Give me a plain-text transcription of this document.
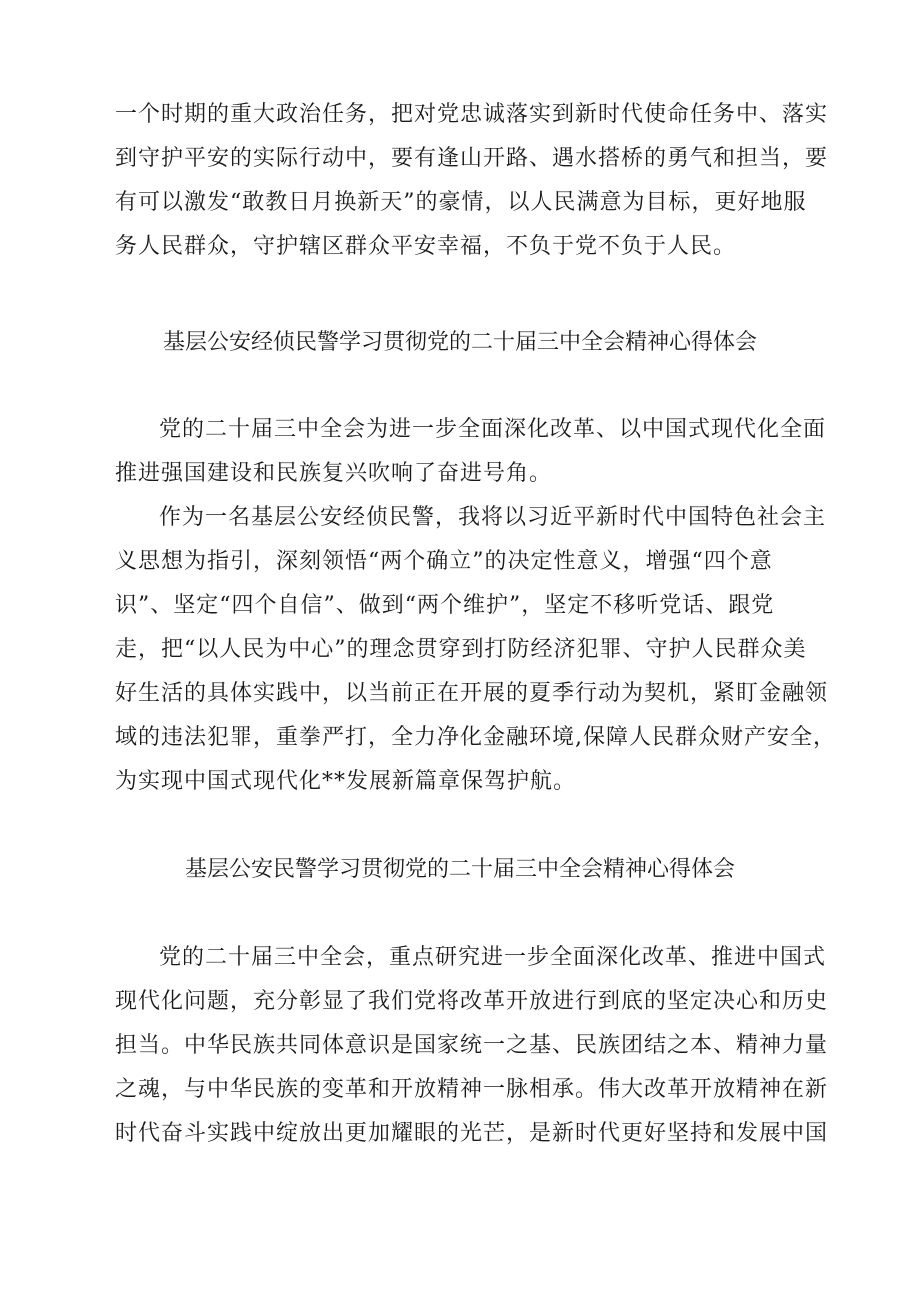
一个时期的重大政治任务，把对党忠诚落实到新时代使命任务中、落实
到守护平安的实际行动中，要有逢山开路、遇水搭桥的勇气和担当，要
有可以激发“敢教日月换新天”的豪情，以人民满意为目标，更好地服
务人民群众，守护辖区群众平安幸福，不负于党不负于人民。
基层公安经侦民警学习贯彻党的二十届三中全会精神心得体会
党的二十届三中全会为进一步全面深化改革、以中国式现代化全面
推进强国建设和民族复兴吹响了奋进号角。
作为一名基层公安经侦民警，我将以习近平新时代中国特色社会主
义思想为指引，深刻领悟“两个确立”的决定性意义，增强“四个意
识”、坚定“四个自信”、做到“两个维护”，坚定不移听党话、跟党
走，把“以人民为中心”的理念贯穿到打防经济犯罪、守护人民群众美
好生活的具体实践中，以当前正在开展的夏季行动为契机，紧盯金融领
域的违法犯罪，重拳严打，全力净化金融环境,保障人民群众财产安全，
为实现中国式现代化**发展新篇章保驾护航。
基层公安民警学习贯彻党的二十届三中全会精神心得体会
党的二十届三中全会，重点研究进一步全面深化改革、推进中国式
现代化问题，充分彰显了我们党将改革开放进行到底的坚定决心和历史
担当。中华民族共同体意识是国家统一之基、民族团结之本、精神力量
之魂，与中华民族的变革和开放精神一脉相承。伟大改革开放精神在新
时代奋斗实践中绽放出更加耀眼的光芒，是新时代更好坚持和发展中国
